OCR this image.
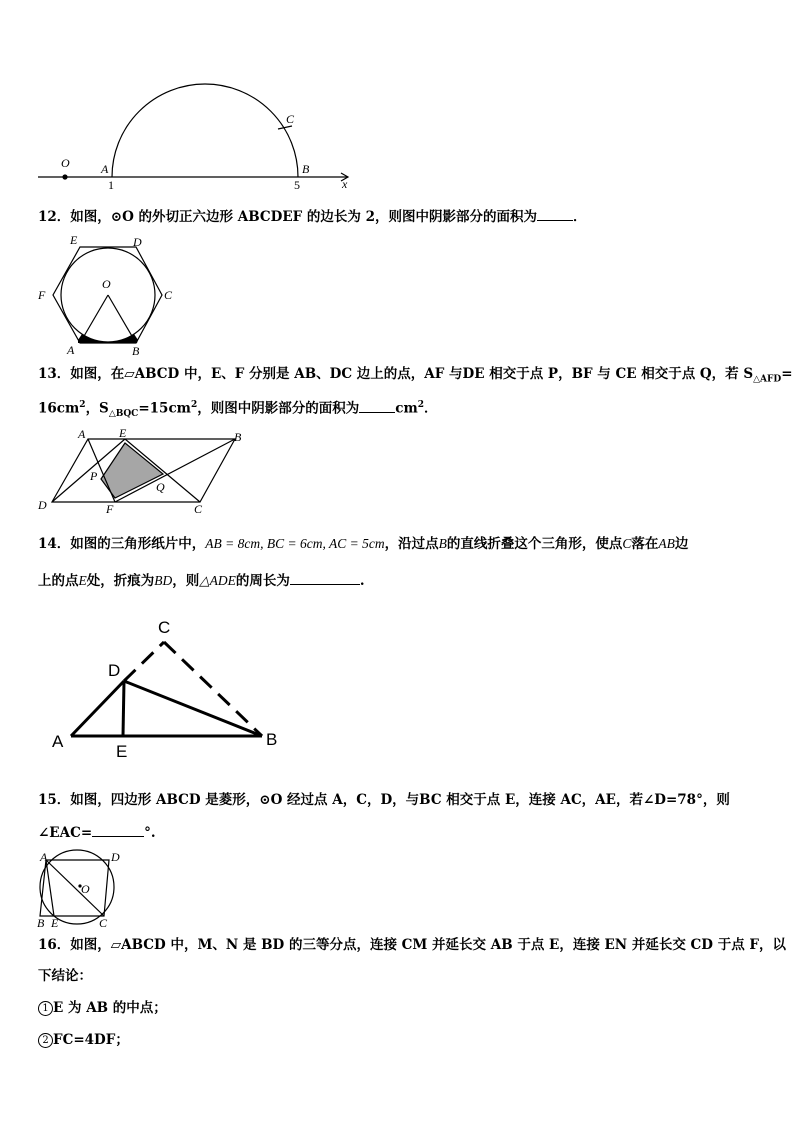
O	A	B
C
x
1	5
12．如图，⊙O 的外切正六边形 ABCDEF 的边长为 2，则图中阴影部分的面积为	．
E	D
F	C
O
A	B
13．如图，在▱ABCD 中，E、F 分别是 AB、DC 边上的点，AF 与DE 相交于点 P，BF 与 CE 相交于点 Q，若 $S_{\triangle AFD}=$
$16cm^2$，$S_{\triangle BQC}=15cm^2$，则图中阴影部分的面积为	$cm^2$．
A	E	B
P
Q
D	F	C
14．如图的三角形纸片中，AB = 8cm, BC = 6cm, AC = 5cm，沿过点B的直线折叠这个三角形，使点C落在AB边
上的点E处，折痕为BD，则△ADE的周长为	.
C
D
A
E
B
15．如图，四边形 ABCD 是菱形，⊙O 经过点 A，C，D，与BC 相交于点 E，连接 AC，AE，若∠D=78°，则
∠EAC=	°.
A	D
O
B E	C
16．如图，▱ABCD 中，M、N 是 BD 的三等分点，连接 CM 并延长交 AB 于点 E，连接 EN 并延长交 CD 于点 F，以
下结论：
1 E 为 AB 的中点；
2 FC=4DF；
